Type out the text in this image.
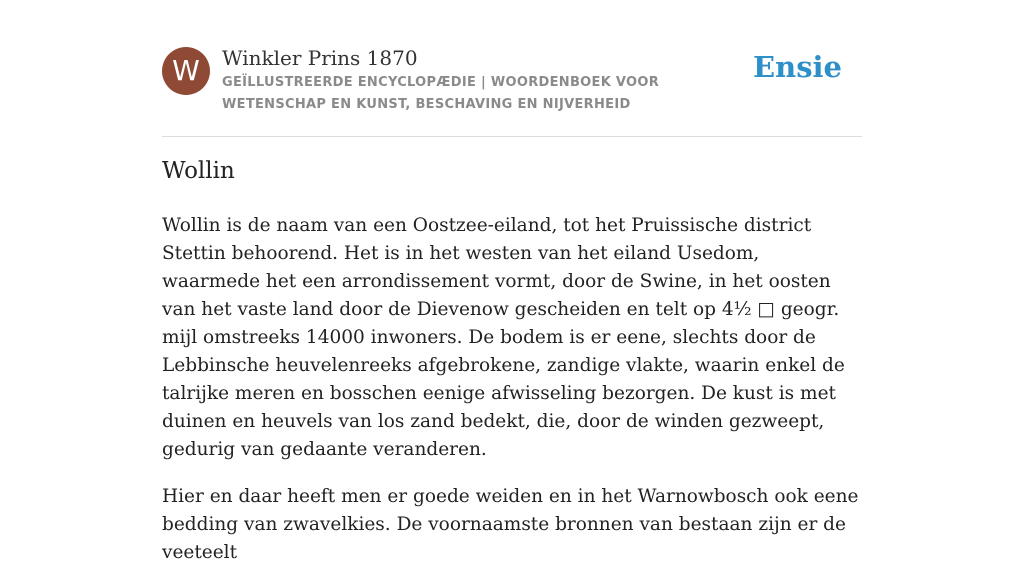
W	Winkler Prins 1870
GEÏLLUSTREERDE ENCYCLOPÆDIE | WOORDENBOEK VOOR WETENSCHAP EN KUNST, BESCHAVING EN NIJVERHEID
Ensie
Wollin

Wollin is de naam van een Oostzee-eiland, tot het Pruissische district Stettin behoorend. Het is in het westen van het eiland Usedom, waarmede het een arrondissement vormt, door de Swine, in het oosten van het vaste land door de Dievenow gescheiden en telt op 4½ □ geogr. mijl omstreeks 14000 inwoners. De bodem is er eene, slechts door de Lebbinsche heuvelenreeks afgebrokene, zandige vlakte, waarin enkel de talrijke meren en bosschen eenige afwisseling bezorgen. De kust is met duinen en heuvels van los zand bedekt, die, door de winden gezweept, gedurig van gedaante veranderen.

Hier en daar heeft men er goede weiden en in het Warnowbosch ook eene bedding van zwavelkies. De voornaamste bronnen van bestaan zijn er de veeteelt
